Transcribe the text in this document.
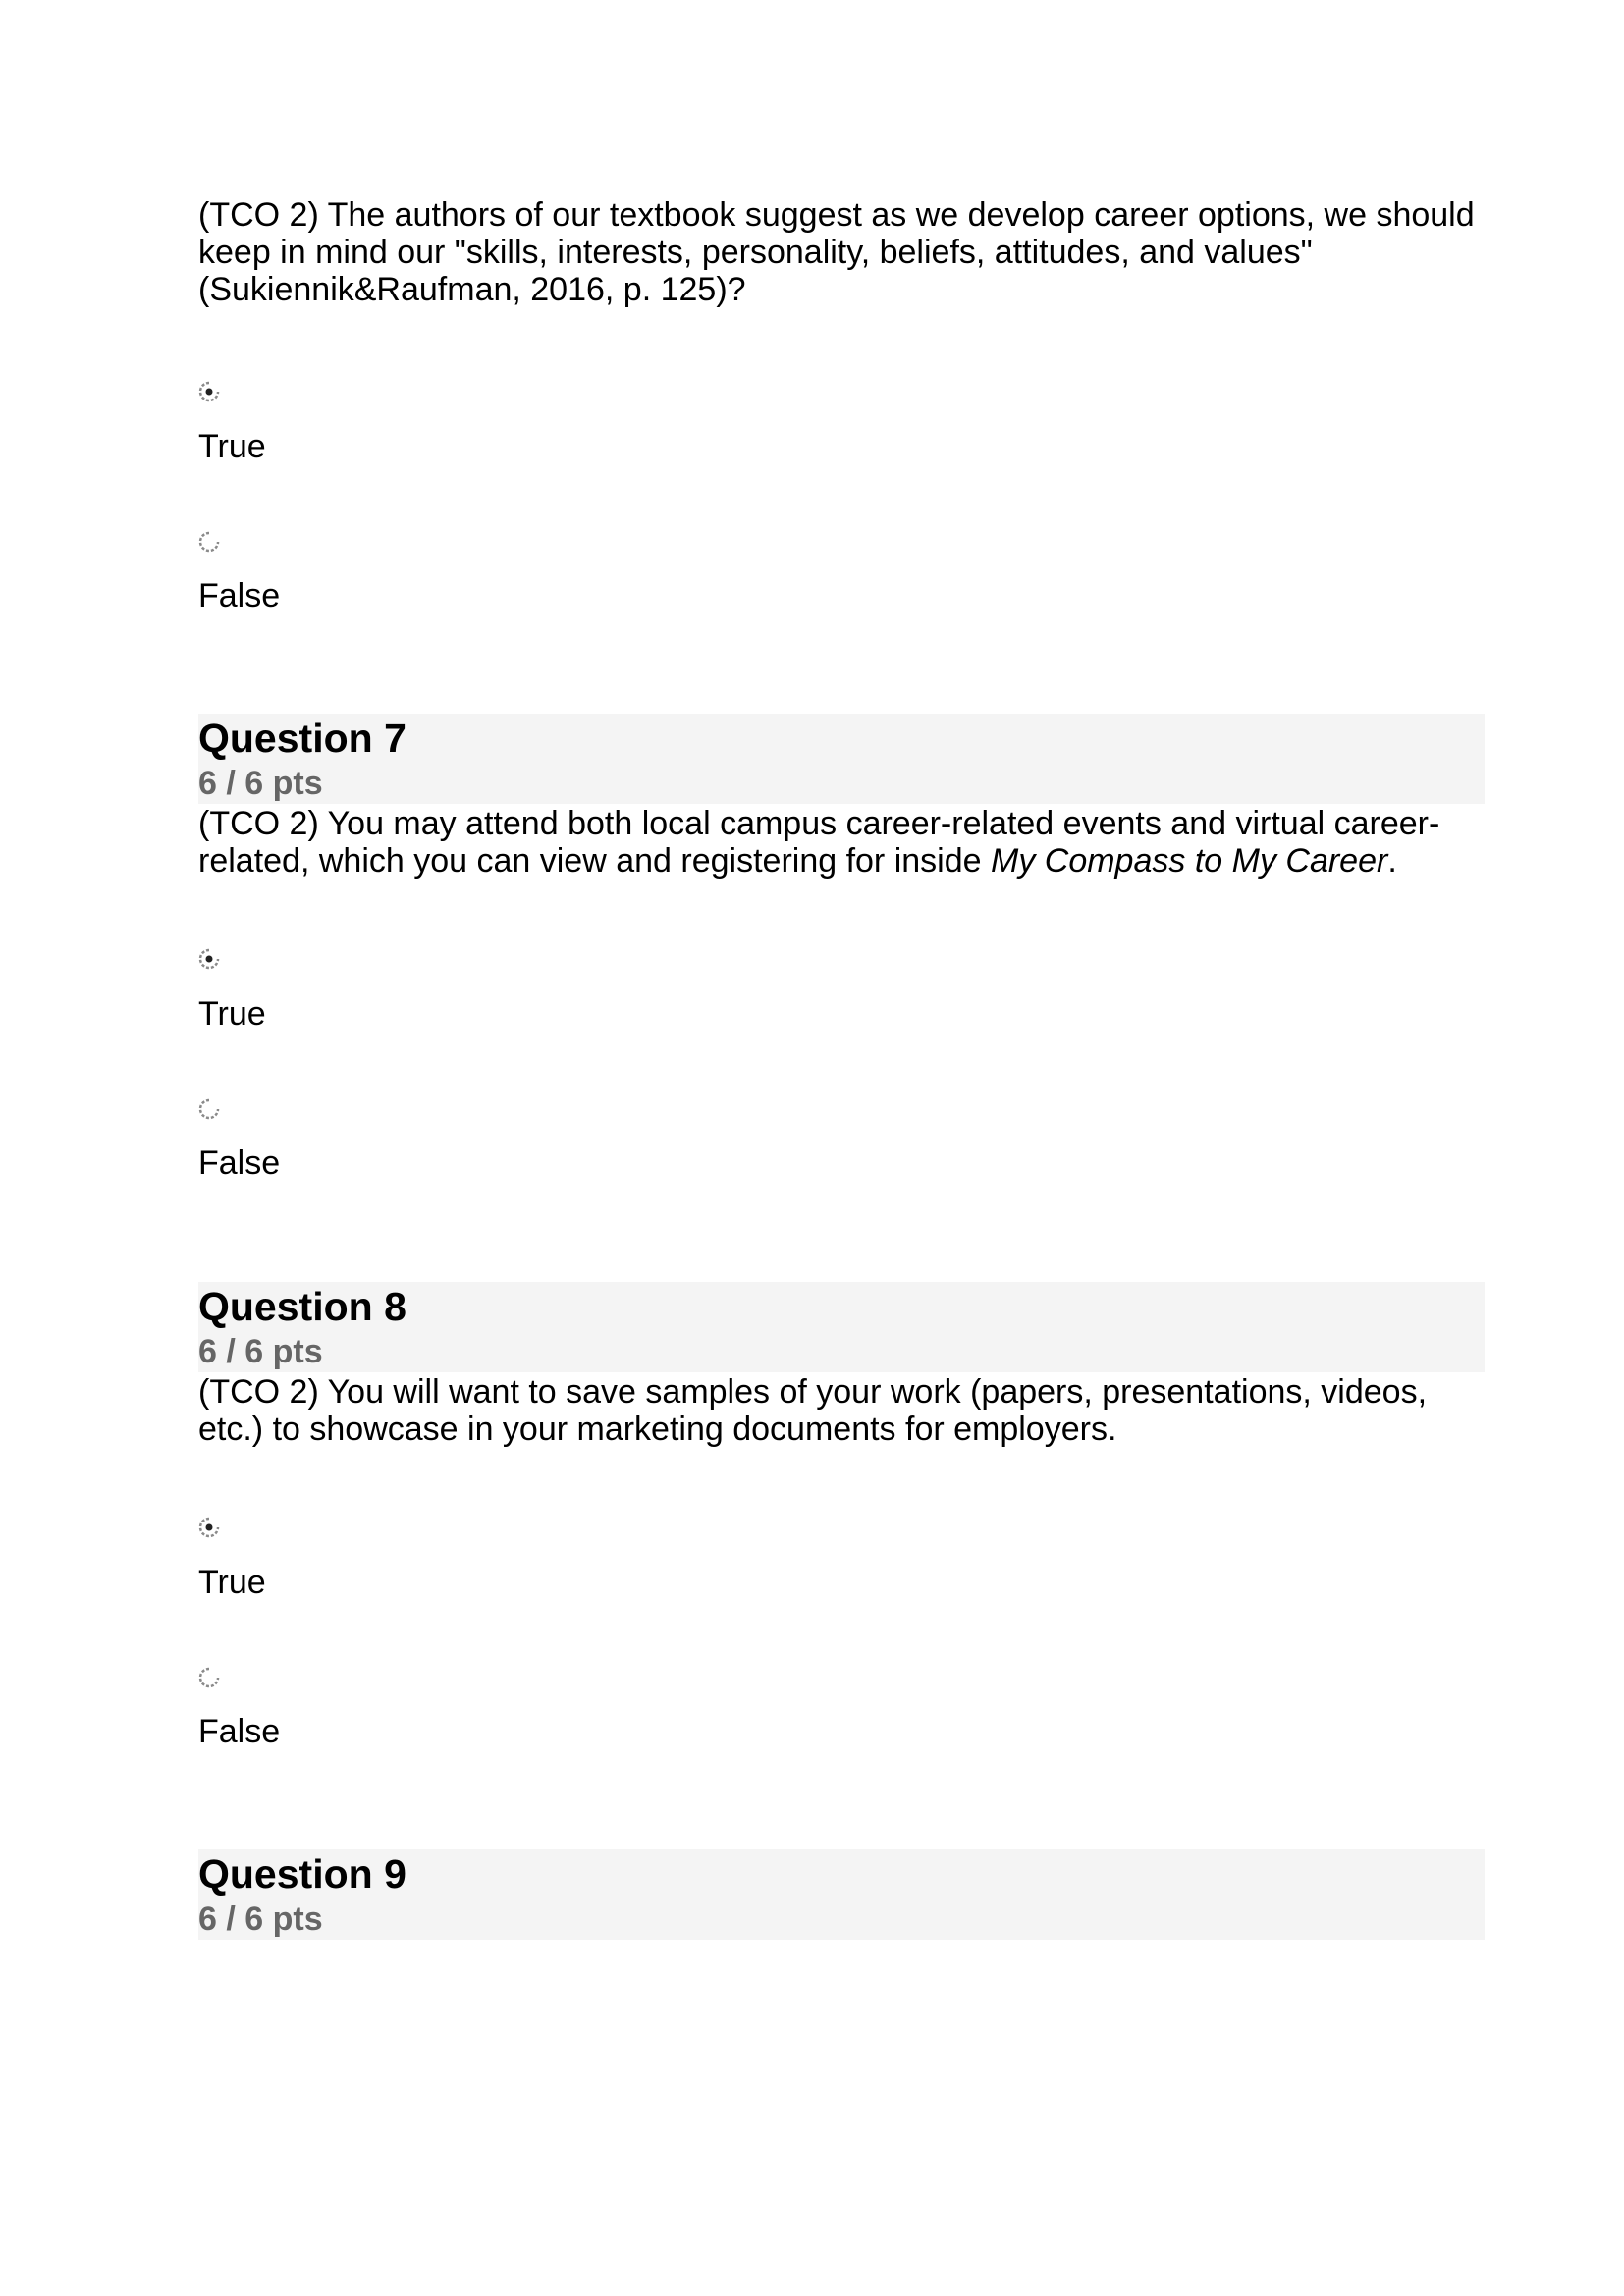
(TCO 2) The authors of our textbook suggest as we develop career options, we should keep in mind our "skills, interests, personality, beliefs, attitudes, and values" (Sukiennik&Raufman, 2016, p. 125)?

True
False
Question 7
6 / 6 pts

(TCO 2) You may attend both local campus career-related events and virtual career-related, which you can view and registering for inside My Compass to My Career.

True
False
Question 8
6 / 6 pts

(TCO 2) You will want to save samples of your work (papers, presentations, videos, etc.) to showcase in your marketing documents for employers.

True
False
Question 9
6 / 6 pts
